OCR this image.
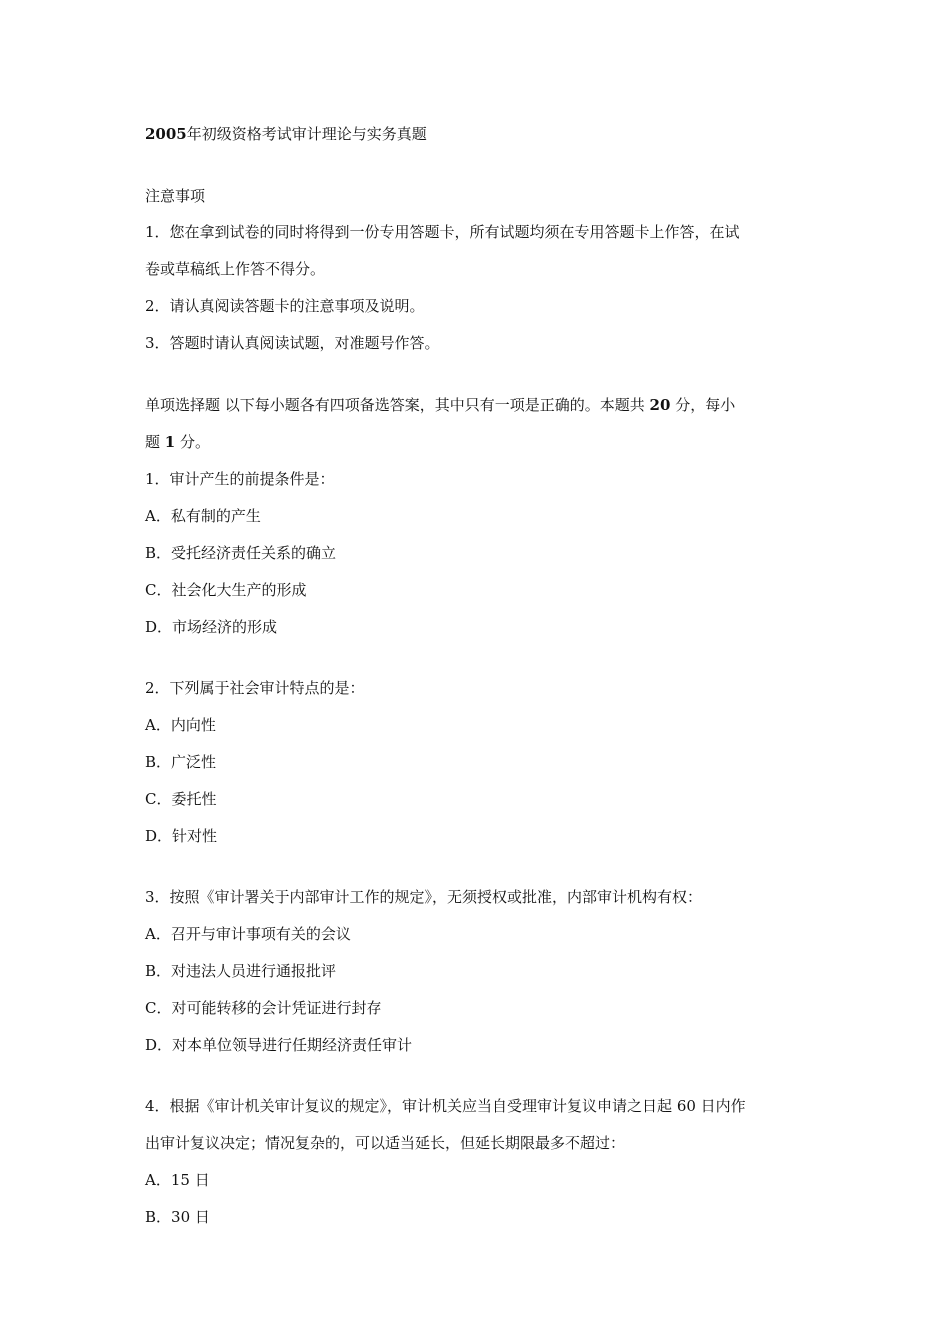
2005年初级资格考试审计理论与实务真题
注意事项
1．您在拿到试卷的同时将得到一份专用答题卡，所有试题均须在专用答题卡上作答，在试
卷或草稿纸上作答不得分。
2．请认真阅读答题卡的注意事项及说明。
3．答题时请认真阅读试题，对准题号作答。
单项选择题 以下每小题各有四项备选答案，其中只有一项是正确的。本题共 20 分，每小
题 1 分。
1．审计产生的前提条件是：
A．私有制的产生
B．受托经济责任关系的确立
C．社会化大生产的形成
D．市场经济的形成
2．下列属于社会审计特点的是：
A．内向性
B．广泛性
C．委托性
D．针对性
3．按照《审计署关于内部审计工作的规定》，无须授权或批准，内部审计机构有权：
A．召开与审计事项有关的会议
B．对违法人员进行通报批评
C．对可能转移的会计凭证进行封存
D．对本单位领导进行任期经济责任审计
4．根据《审计机关审计复议的规定》，审计机关应当自受理审计复议申请之日起 60 日内作
出审计复议决定；情况复杂的，可以适当延长，但延长期限最多不超过：
A．15 日
B．30 日
